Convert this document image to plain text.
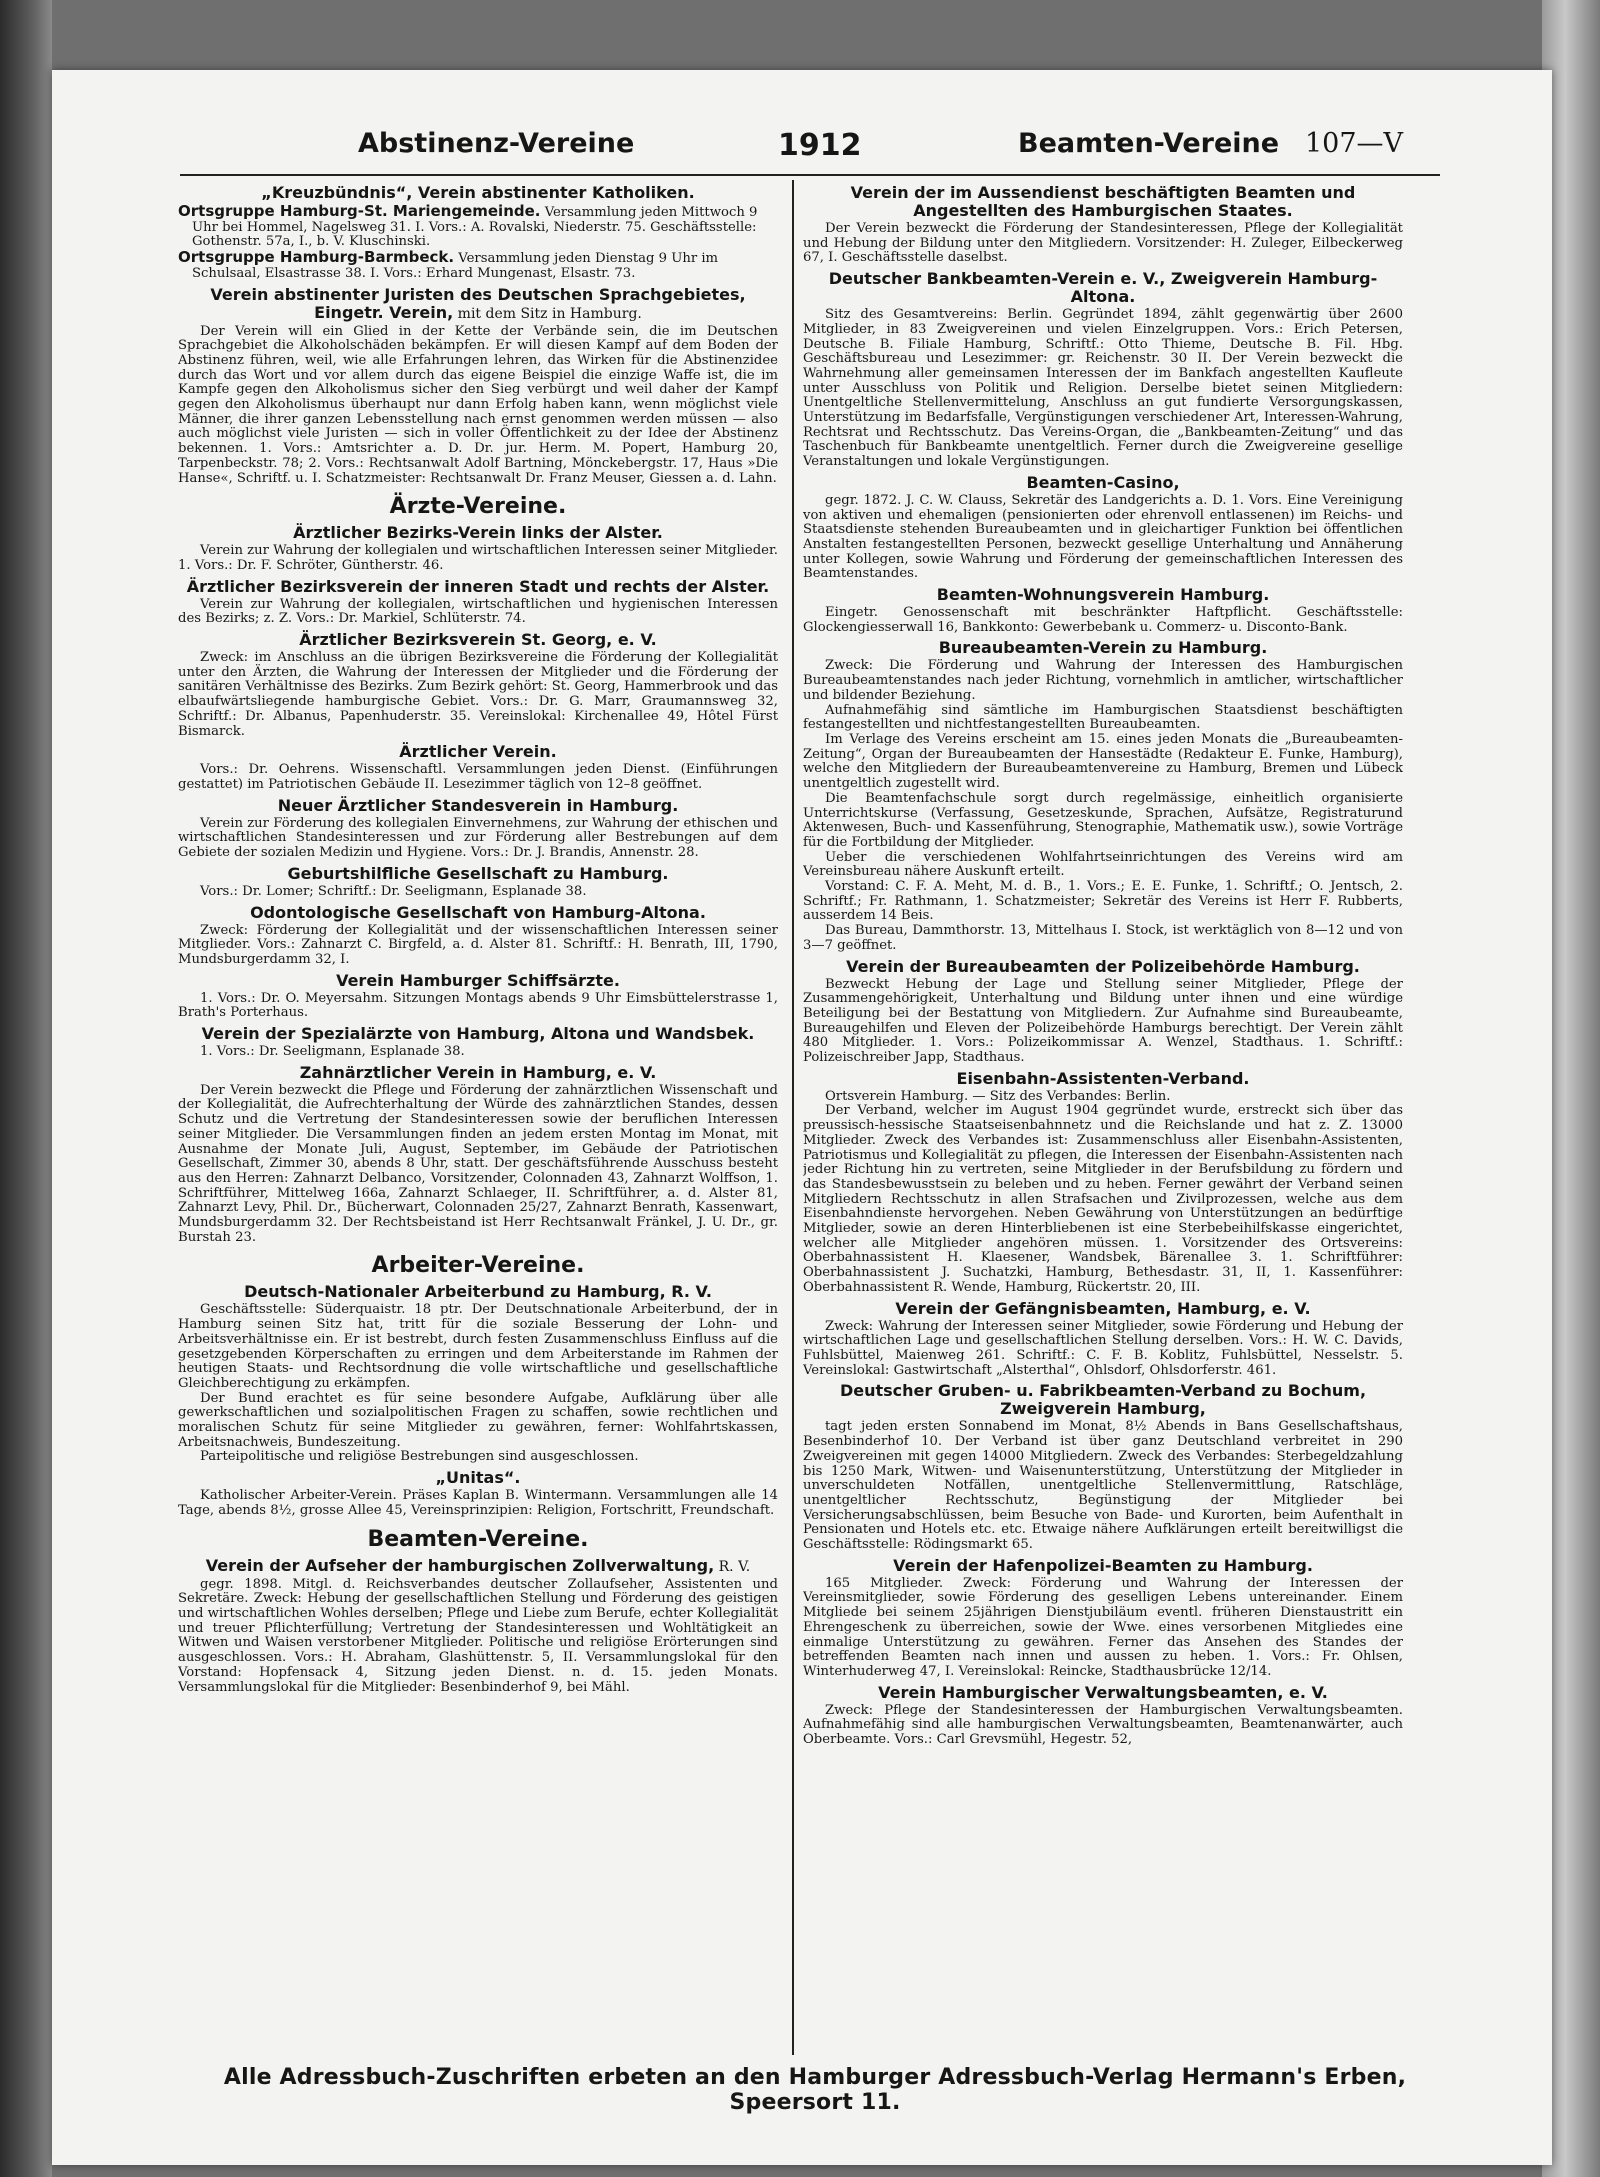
Abstinenz-Vereine	1912	Beamten-Vereine 107—V
„Kreuzbündnis“, Verein abstinenter Katholiken.

Ortsgruppe Hamburg-St. Mariengemeinde. Versammlung jeden Mittwoch 9 Uhr bei Hommel, Nagelsweg 31. I. Vors.: A. Rovalski, Niederstr. 75. Geschäftsstelle: Gothenstr. 57a, I., b. V. Kluschinski.

Ortsgruppe Hamburg-Barmbeck. Versammlung jeden Dienstag 9 Uhr im Schulsaal, Elsastrasse 38. I. Vors.: Erhard Mungenast, Elsastr. 73.

Verein abstinenter Juristen des Deutschen Sprachgebietes, Eingetr. Verein, mit dem Sitz in Hamburg.

Der Verein will ein Glied in der Kette der Verbände sein, die im Deutschen Sprachgebiet die Alkoholschäden bekämpfen. Er will diesen Kampf auf dem Boden der Abstinenz führen, weil, wie alle Erfahrungen lehren, das Wirken für die Abstinenzidee durch das Wort und vor allem durch das eigene Beispiel die einzige Waffe ist, die im Kampfe gegen den Alkoholismus sicher den Sieg verbürgt und weil daher der Kampf gegen den Alkoholismus überhaupt nur dann Erfolg haben kann, wenn möglichst viele Männer, die ihrer ganzen Lebensstellung nach ernst genommen werden müssen — also auch möglichst viele Juristen — sich in voller Öffentlichkeit zu der Idee der Abstinenz bekennen. 1. Vors.: Amtsrichter a. D. Dr. jur. Herm. M. Popert, Hamburg 20, Tarpenbeckstr. 78; 2. Vors.: Rechtsanwalt Adolf Bartning, Mönckebergstr. 17, Haus »Die Hanse«, Schriftf. u. I. Schatzmeister: Rechtsanwalt Dr. Franz Meuser, Giessen a. d. Lahn.

Ärzte-Vereine.
Ärztlicher Bezirks-Verein links der Alster.

Verein zur Wahrung der kollegialen und wirtschaftlichen Interessen seiner Mitglieder. 1. Vors.: Dr. F. Schröter, Güntherstr. 46.

Ärztlicher Bezirksverein der inneren Stadt und rechts der Alster.

Verein zur Wahrung der kollegialen, wirtschaftlichen und hygienischen Interessen des Bezirks; z. Z. Vors.: Dr. Markiel, Schlüterstr. 74.

Ärztlicher Bezirksverein St. Georg, e. V.

Zweck: im Anschluss an die übrigen Bezirksvereine die Förderung der Kollegialität unter den Ärzten, die Wahrung der Interessen der Mitglieder und die Förderung der sanitären Verhältnisse des Bezirks. Zum Bezirk gehört: St. Georg, Hammerbrook und das elbaufwärtsliegende hamburgische Gebiet. Vors.: Dr. G. Marr, Graumannsweg 32, Schriftf.: Dr. Albanus, Papenhuderstr. 35. Vereinslokal: Kirchenallee 49, Hôtel Fürst Bismarck.

Ärztlicher Verein.

Vors.: Dr. Oehrens. Wissenschaftl. Versammlungen jeden Dienst. (Einführungen gestattet) im Patriotischen Gebäude II. Lesezimmer täglich von 12–8 geöffnet.

Neuer Ärztlicher Standesverein in Hamburg.

Verein zur Förderung des kollegialen Einvernehmens, zur Wahrung der ethischen und wirtschaftlichen Standesinteressen und zur Förderung aller Bestrebungen auf dem Gebiete der sozialen Medizin und Hygiene. Vors.: Dr. J. Brandis, Annenstr. 28.

Geburtshilfliche Gesellschaft zu Hamburg.

Vors.: Dr. Lomer; Schriftf.: Dr. Seeligmann, Esplanade 38.

Odontologische Gesellschaft von Hamburg-Altona.

Zweck: Förderung der Kollegialität und der wissenschaftlichen Interessen seiner Mitglieder. Vors.: Zahnarzt C. Birgfeld, a. d. Alster 81. Schriftf.: H. Benrath, III, 1790, Mundsburgerdamm 32, I.

Verein Hamburger Schiffsärzte.

1. Vors.: Dr. O. Meyersahm. Sitzungen Montags abends 9 Uhr Eimsbüttelerstrasse 1, Brath's Porterhaus.

Verein der Spezialärzte von Hamburg, Altona und Wandsbek.

1. Vors.: Dr. Seeligmann, Esplanade 38.

Zahnärztlicher Verein in Hamburg, e. V.

Der Verein bezweckt die Pflege und Förderung der zahnärztlichen Wissenschaft und der Kollegialität, die Aufrechterhaltung der Würde des zahnärztlichen Standes, dessen Schutz und die Vertretung der Standesinteressen sowie der beruflichen Interessen seiner Mitglieder. Die Versammlungen finden an jedem ersten Montag im Monat, mit Ausnahme der Monate Juli, August, September, im Gebäude der Patriotischen Gesellschaft, Zimmer 30, abends 8 Uhr, statt. Der geschäftsführende Ausschuss besteht aus den Herren: Zahnarzt Delbanco, Vorsitzender, Colonnaden 43, Zahnarzt Wolffson, 1. Schriftführer, Mittelweg 166a, Zahnarzt Schlaeger, II. Schriftführer, a. d. Alster 81, Zahnarzt Levy, Phil. Dr., Bücherwart, Colonnaden 25/27, Zahnarzt Benrath, Kassenwart, Mundsburgerdamm 32. Der Rechtsbeistand ist Herr Rechtsanwalt Fränkel, J. U. Dr., gr. Burstah 23.

Arbeiter-Vereine.
Deutsch-Nationaler Arbeiterbund zu Hamburg, R. V.

Geschäftsstelle: Süderquaistr. 18 ptr. Der Deutschnationale Arbeiterbund, der in Hamburg seinen Sitz hat, tritt für die soziale Besserung der Lohn- und Arbeitsverhältnisse ein. Er ist bestrebt, durch festen Zusammenschluss Einfluss auf die gesetzgebenden Körperschaften zu erringen und dem Arbeiterstande im Rahmen der heutigen Staats- und Rechtsordnung die volle wirtschaftliche und gesellschaftliche Gleichberechtigung zu erkämpfen.

Der Bund erachtet es für seine besondere Aufgabe, Aufklärung über alle gewerkschaftlichen und sozialpolitischen Fragen zu schaffen, sowie rechtlichen und moralischen Schutz für seine Mitglieder zu gewähren, ferner: Wohlfahrtskassen, Arbeitsnachweis, Bundeszeitung.

Parteipolitische und religiöse Bestrebungen sind ausgeschlossen.

„Unitas“.

Katholischer Arbeiter-Verein. Präses Kaplan B. Wintermann. Versammlungen alle 14 Tage, abends 8½, grosse Allee 45, Vereinsprinzipien: Religion, Fortschritt, Freundschaft.

Beamten-Vereine.
Verein der Aufseher der hamburgischen Zollverwaltung, R. V.

gegr. 1898. Mitgl. d. Reichsverbandes deutscher Zollaufseher, Assistenten und Sekretäre. Zweck: Hebung der gesellschaftlichen Stellung und Förderung des geistigen und wirtschaftlichen Wohles derselben; Pflege und Liebe zum Berufe, echter Kollegialität und treuer Pflichterfüllung; Vertretung der Standesinteressen und Wohltätigkeit an Witwen und Waisen verstorbener Mitglieder. Politische und religiöse Erörterungen sind ausgeschlossen. Vors.: H. Abraham, Glashüttenstr. 5, II. Versammlungslokal für den Vorstand: Hopfensack 4, Sitzung jeden Dienst. n. d. 15. jeden Monats. Versammlungslokal für die Mitglieder: Besenbinderhof 9, bei Mähl.

Verein der im Aussendienst beschäftigten Beamten und Angestellten des Hamburgischen Staates.

Der Verein bezweckt die Förderung der Standesinteressen, Pflege der Kollegialität und Hebung der Bildung unter den Mitgliedern. Vorsitzender: H. Zuleger, Eilbeckerweg 67, I. Geschäftsstelle daselbst.

Deutscher Bankbeamten-Verein e. V., Zweigverein Hamburg-Altona.

Sitz des Gesamtvereins: Berlin. Gegründet 1894, zählt gegenwärtig über 2600 Mitglieder, in 83 Zweigvereinen und vielen Einzelgruppen. Vors.: Erich Petersen, Deutsche B. Filiale Hamburg, Schriftf.: Otto Thieme, Deutsche B. Fil. Hbg. Geschäftsbureau und Lesezimmer: gr. Reichenstr. 30 II. Der Verein bezweckt die Wahrnehmung aller gemeinsamen Interessen der im Bankfach angestellten Kaufleute unter Ausschluss von Politik und Religion. Derselbe bietet seinen Mitgliedern: Unentgeltliche Stellenvermittelung, Anschluss an gut fundierte Versorgungskassen, Unterstützung im Bedarfsfalle, Vergünstigungen verschiedener Art, Interessen-Wahrung, Rechtsrat und Rechtsschutz. Das Vereins-Organ, die „Bankbeamten-Zeitung“ und das Taschenbuch für Bankbeamte unentgeltlich. Ferner durch die Zweigvereine gesellige Veranstaltungen und lokale Vergünstigungen.

Beamten-Casino,

gegr. 1872. J. C. W. Clauss, Sekretär des Landgerichts a. D. 1. Vors. Eine Vereinigung von aktiven und ehemaligen (pensionierten oder ehrenvoll entlassenen) im Reichs- und Staatsdienste stehenden Bureaubeamten und in gleichartiger Funktion bei öffentlichen Anstalten festangestellten Personen, bezweckt gesellige Unterhaltung und Annäherung unter Kollegen, sowie Wahrung und Förderung der gemeinschaftlichen Interessen des Beamtenstandes.

Beamten-Wohnungsverein Hamburg.

Eingetr. Genossenschaft mit beschränkter Haftpflicht. Geschäftsstelle: Glockengiesserwall 16, Bankkonto: Gewerbebank u. Commerz- u. Disconto-Bank.

Bureaubeamten-Verein zu Hamburg.

Zweck: Die Förderung und Wahrung der Interessen des Hamburgischen Bureaubeamtenstandes nach jeder Richtung, vornehmlich in amtlicher, wirtschaftlicher und bildender Beziehung.

Aufnahmefähig sind sämtliche im Hamburgischen Staatsdienst beschäftigten festangestellten und nichtfestangestellten Bureaubeamten.

Im Verlage des Vereins erscheint am 15. eines jeden Monats die „Bureaubeamten-Zeitung“, Organ der Bureaubeamten der Hansestädte (Redakteur E. Funke, Hamburg), welche den Mitgliedern der Bureaubeamtenvereine zu Hamburg, Bremen und Lübeck unentgeltlich zugestellt wird.

Die Beamtenfachschule sorgt durch regelmässige, einheitlich organisierte Unterrichtskurse (Verfassung, Gesetzeskunde, Sprachen, Aufsätze, Registraturund Aktenwesen, Buch- und Kassenführung, Stenographie, Mathematik usw.), sowie Vorträge für die Fortbildung der Mitglieder.

Ueber die verschiedenen Wohlfahrtseinrichtungen des Vereins wird am Vereinsbureau nähere Auskunft erteilt.

Vorstand: C. F. A. Meht, M. d. B., 1. Vors.; E. E. Funke, 1. Schriftf.; O. Jentsch, 2. Schriftf.; Fr. Rathmann, 1. Schatzmeister; Sekretär des Vereins ist Herr F. Rubberts, ausserdem 14 Beis.

Das Bureau, Dammthorstr. 13, Mittelhaus I. Stock, ist werktäglich von 8—12 und von 3—7 geöffnet.

Verein der Bureaubeamten der Polizeibehörde Hamburg.

Bezweckt Hebung der Lage und Stellung seiner Mitglieder, Pflege der Zusammengehörigkeit, Unterhaltung und Bildung unter ihnen und eine würdige Beteiligung bei der Bestattung von Mitgliedern. Zur Aufnahme sind Bureaubeamte, Bureaugehilfen und Eleven der Polizeibehörde Hamburgs berechtigt. Der Verein zählt 480 Mitglieder. 1. Vors.: Polizeikommissar A. Wenzel, Stadthaus. 1. Schriftf.: Polizeischreiber Japp, Stadthaus.

Eisenbahn-Assistenten-Verband.

Ortsverein Hamburg. — Sitz des Verbandes: Berlin.

Der Verband, welcher im August 1904 gegründet wurde, erstreckt sich über das preussisch-hessische Staatseisenbahnnetz und die Reichslande und hat z. Z. 13000 Mitglieder. Zweck des Verbandes ist: Zusammenschluss aller Eisenbahn-Assistenten, Patriotismus und Kollegialität zu pflegen, die Interessen der Eisenbahn-Assistenten nach jeder Richtung hin zu vertreten, seine Mitglieder in der Berufsbildung zu fördern und das Standesbewusstsein zu beleben und zu heben. Ferner gewährt der Verband seinen Mitgliedern Rechtsschutz in allen Strafsachen und Zivilprozessen, welche aus dem Eisenbahndienste hervorgehen. Neben Gewährung von Unterstützungen an bedürftige Mitglieder, sowie an deren Hinterbliebenen ist eine Sterbebeihilfskasse eingerichtet, welcher alle Mitglieder angehören müssen. 1. Vorsitzender des Ortsvereins: Oberbahnassistent H. Klaesener, Wandsbek, Bärenallee 3. 1. Schriftführer: Oberbahnassistent J. Suchatzki, Hamburg, Bethesdastr. 31, II, 1. Kassenführer: Oberbahnassistent R. Wende, Hamburg, Rückertstr. 20, III.

Verein der Gefängnisbeamten, Hamburg, e. V.

Zweck: Wahrung der Interessen seiner Mitglieder, sowie Förderung und Hebung der wirtschaftlichen Lage und gesellschaftlichen Stellung derselben. Vors.: H. W. C. Davids, Fuhlsbüttel, Maienweg 261. Schriftf.: C. F. B. Koblitz, Fuhlsbüttel, Nesselstr. 5. Vereinslokal: Gastwirtschaft „Alsterthal“, Ohlsdorf, Ohlsdorferstr. 461.

Deutscher Gruben- u. Fabrikbeamten-Verband zu Bochum, Zweigverein Hamburg,

tagt jeden ersten Sonnabend im Monat, 8½ Abends in Bans Gesellschaftshaus, Besenbinderhof 10. Der Verband ist über ganz Deutschland verbreitet in 290 Zweigvereinen mit gegen 14000 Mitgliedern. Zweck des Verbandes: Sterbegeldzahlung bis 1250 Mark, Witwen- und Waisenunterstützung, Unterstützung der Mitglieder in unverschuldeten Notfällen, unentgeltliche Stellenvermittlung, Ratschläge, unentgeltlicher Rechtsschutz, Begünstigung der Mitglieder bei Versicherungsabschlüssen, beim Besuche von Bade- und Kurorten, beim Aufenthalt in Pensionaten und Hotels etc. etc. Etwaige nähere Aufklärungen erteilt bereitwilligst die Geschäftsstelle: Rödingsmarkt 65.

Verein der Hafenpolizei-Beamten zu Hamburg.

165 Mitglieder. Zweck: Förderung und Wahrung der Interessen der Vereinsmitglieder, sowie Förderung des geselligen Lebens untereinander. Einem Mitgliede bei seinem 25jährigen Dienstjubiläum eventl. früheren Dienstaustritt ein Ehrengeschenk zu überreichen, sowie der Wwe. eines versorbenen Mitgliedes eine einmalige Unterstützung zu gewähren. Ferner das Ansehen des Standes der betreffenden Beamten nach innen und aussen zu heben. 1. Vors.: Fr. Ohlsen, Winterhuderweg 47, I. Vereinslokal: Reincke, Stadthausbrücke 12/14.

Verein Hamburgischer Verwaltungsbeamten, e. V.

Zweck: Pflege der Standesinteressen der Hamburgischen Verwaltungsbeamten. Aufnahmefähig sind alle hamburgischen Verwaltungsbeamten, Beamtenanwärter, auch Oberbeamte. Vors.: Carl Grevsmühl, Hegestr. 52,

Alle Adressbuch-Zuschriften erbeten an den Hamburger Adressbuch-Verlag Hermann's Erben, Speersort 11.
